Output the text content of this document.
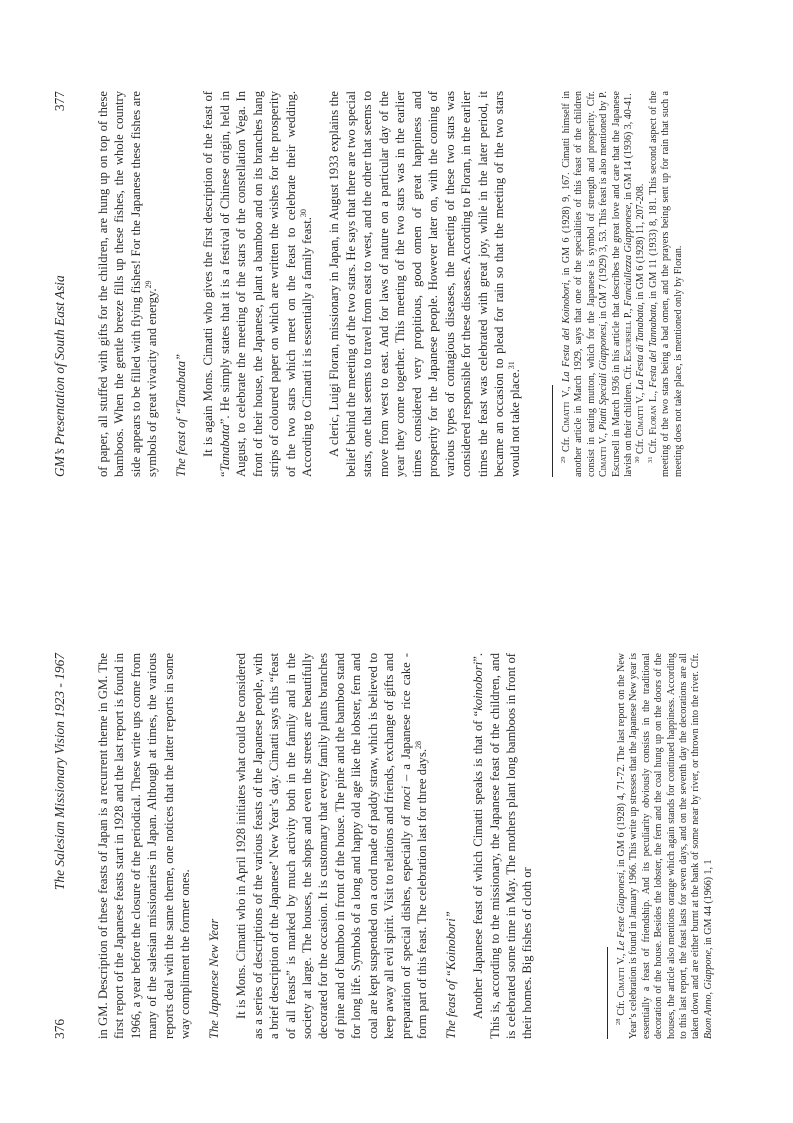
376
The Salesian Missionary Vision 1923 - 1967 in GM. Description of these feasts of Japan is a recurrent theme in GM. The first report of the Japanese feasts start in 1928 and the last report is found in 1966, a year before the closure of the periodical. These write ups come from many of the salesian missionaries in Japan. Although at times, the various reports deal with the same theme, one notices that the latter reports in some way compliment the former ones. The Japanese New Year It is Mons. Cimatti who in April 1928 initiates what could be considered as a series of descriptions of the various feasts of the Japanese people, with a brief description of the Japanese’ New Year’s day. Cimatti says this “feast of all feasts” is marked by much activity both in the family and in the society at large. The houses, the shops and even the streets are beautifully decorated for the occasion. It is customary that every family plants branches of pine and of bamboo in front of the house. The pine and the bamboo stand for long life. Symbols of a long and happy old age like the lobster, fern and coal are kept suspended on a cord made of paddy straw, which is believed to keep away all evil spirit. Visit to relations and friends, exchange of gifts and preparation of special dishes, especially of moci – a Japanese rice cake - form part of this feast. The celebration last for three days.$^{28}$

The feast of “Koinobori” Another Japanese feast of which Cimatti speaks is that of “koinobori”. This is, according to the missionary, the Japanese feast of the children, and is celebrated some time in May. The mothers plant long bamboos in front of their homes. Big fishes of cloth or	$^{28}$ Cfr. Cimatti V., Le Feste Giaponesi, in GM 6 (1928) 4, 71-72. The last report on the New Year’s celebration is found in January 1966. This write up stresses that the Japanese New year is essentially a feast of friendship. And its peculiarity obviously consists in the traditional decoration of the house. Besides the lobster, the fern and the coal hung up on the doors of the houses, the article also mentions orange which again stands for continued happiness. According to this last report, the feast lasts for seven days, and on the seventh day the decorations are all taken down and are either burnt at the bank of some near by river, or thrown into the river. Cfr. Buon Anno, Giappone, in GM 44 (1966) 1, 1

GM’s Presentation of South East Asia
377 of paper, all stuffed with gifts for the children, are hung up on top of these bamboos. When the gentle breeze fills up these fishes, the whole country side appears to be filled with flying fishes! For the Japanese these fishes are symbols of great vivacity and energy.$^{29}$

The feast of “Tanabata” It is again Mons. Cimatti who gives the first description of the feast of “Tanabata”. He simply states that it is a festival of Chinese origin, held in August, to celebrate the meeting of the stars of the constellation Vega. In front of their house, the Japanese, plant a bamboo and on its branches hang strips of coloured paper on which are written the wishes for the prosperity of the two stars which meet on the feast to celebrate their wedding. According to Cimatti it is essentially a family feast.$^{30}$	A cleric, Luigi Floran, missionary in Japan, in August 1933 explains the belief behind the meeting of the two stars. He says that there are two special stars, one that seems to travel from east to west, and the other that seems to move from west to east. And for laws of nature on a particular day of the year they come together. This meeting of the two stars was in the earlier times considered very propitious, good omen of great happiness and prosperity for the Japanese people. However later on, with the coming of various types of contagious diseases, the meeting of these two stars was considered responsible for these diseases. According to Floran, in the earlier times the feast was celebrated with great joy, while in the later period, it became an occasion to plead for rain so that the meeting of the two stars would not take place.$^{31}$

$^{29}$ Cfr. Cimatti V., La Festa del Koinobori, in GM 6 (1928) 9, 167. Cimatti himself in another article in March 1929, says that one of the specialities of this feast of the children consist in eating mutton, which for the Japanese is symbol of strength and prosperity. Cfr. Cimatti V., Piatti Speciali Giapponesi, in GM 7 (1929) 3, 53. This feast is also mentioned by P. Escursell in March 1936 in his article that describes the great love and care that the Japanese lavish on their children. Cfr. Escursell P., Fanciullezza Giapponese, in GM 14 (1936) 3, 40-41.

$^{30}$ Cfr. Cimatti V., La Festa di Tanabata, in GM 6 (1928) 11, 207-208.

$^{31}$ Cfr. Floran L., Festa del Tannabata, in GM 11 (1933) 8, 181. This second aspect of the meeting of the two stars being a bad omen, and the prayers being sent up for rain that such a meeting does not take place, is mentioned only by Floran.
